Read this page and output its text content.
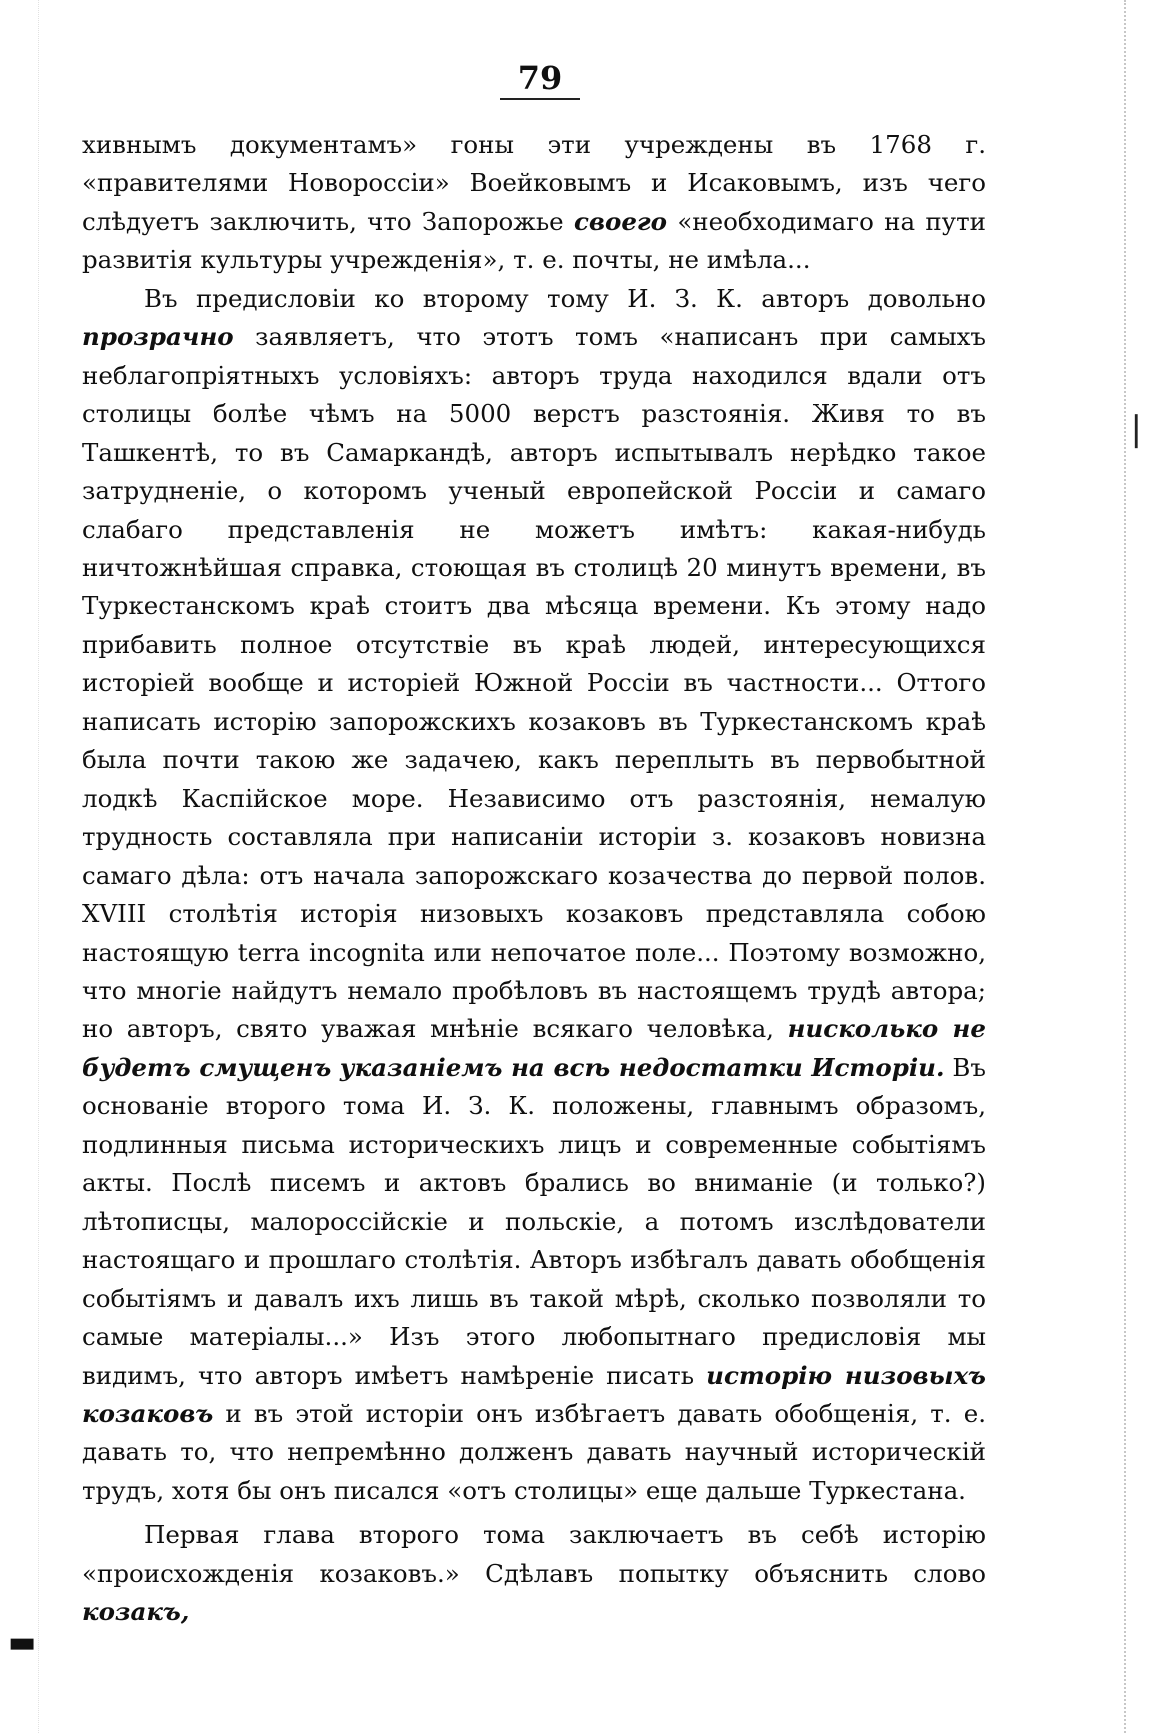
79

хивнымъ документамъ» гоны эти учреждены въ 1768 г. «правителями Новороссіи» Воейковымъ и Исаковымъ, изъ чего слѣдуетъ заключить, что Запорожье своего «необходимаго на пути развитія культуры учрежденія», т. е. почты, не имѣла...

Въ предисловіи ко второму тому И. З. К. авторъ довольно прозрачно заявляетъ, что этотъ томъ «написанъ при самыхъ неблагопріятныхъ условіяхъ: авторъ труда находился вдали отъ столицы болѣе чѣмъ на 5000 верстъ разстоянія. Живя то въ Ташкентѣ, то въ Самаркандѣ, авторъ испытывалъ нерѣдко такое затрудненіе, о которомъ ученый европейской Россіи и самаго слабаго представленія не можетъ имѣтъ: какая-нибудь ничтожнѣйшая справка, стоющая въ столицѣ 20 минутъ времени, въ Туркестанскомъ краѣ стоитъ два мѣсяца времени. Къ этому надо прибавить полное отсутствіе въ краѣ людей, интересующихся исторіей вообще и исторіей Южной Россіи въ частности... Оттого написать исторію запорожскихъ козаковъ въ Туркестанскомъ краѣ была почти такою же задачею, какъ переплыть въ первобытной лодкѣ Каспійское море. Независимо отъ разстоянія, немалую трудность составляла при написаніи исторіи з. козаковъ новизна самаго дѣла: отъ начала запорожскаго козачества до первой полов. XVIII столѣтія исторія низовыхъ козаковъ представляла собою настоящую terra incognita или непочатое поле... Поэтому возможно, что многіе найдутъ немало пробѣловъ въ настоящемъ трудѣ автора; но авторъ, свято уважая мнѣніе всякаго человѣка, нисколько не будетъ смущенъ указаніемъ на всѣ недостатки Исторіи. Въ основаніе второго тома И. З. К. положены, главнымъ образомъ, подлинныя письма историческихъ лицъ и современные событіямъ акты. Послѣ писемъ и актовъ брались во вниманіе (и только?) лѣтописцы, малороссійскіе и польскіе, а потомъ изслѣдователи настоящаго и прошлаго столѣтія. Авторъ избѣгалъ давать обобщенія событіямъ и давалъ ихъ лишь въ такой мѣрѣ, сколько позволяли то самые матеріалы...» Изъ этого любопытнаго предисловія мы видимъ, что авторъ имѣетъ намѣреніе писать исторію низовыхъ козаковъ и въ этой исторіи онъ избѣгаетъ давать обобщенія, т. е. давать то, что непремѣнно долженъ давать научный историческій трудъ, хотя бы онъ писался «отъ столицы» еще дальше Туркестана.

Первая глава второго тома заключаетъ въ себѣ исторію «происхожденія козаковъ.» Сдѣлавъ попытку объяснить слово козакъ,

▬
❘
